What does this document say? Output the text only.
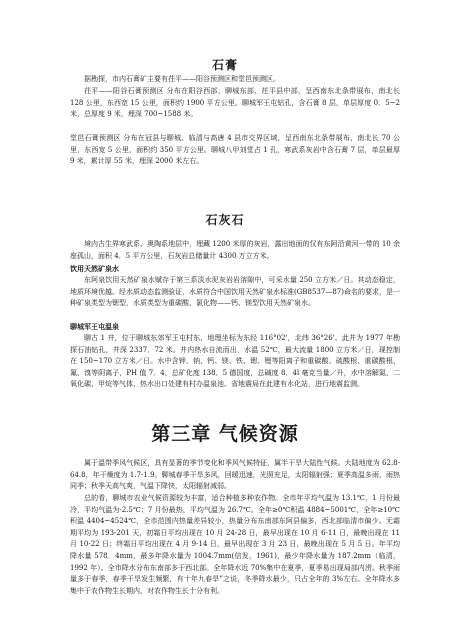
石膏

据勘探，市内石膏矿主要有茌平——阳谷预测区和堂邑预测区。

茌平——阳谷石膏预测区 分布在阳谷西部、聊城东部、茌平县中部，呈西南东北条带展布，南北长 128 公里，东西宽 15 公里，面积约 1900 平方公里。聊城军王屯钻孔，含石膏 8 层，单层厚度 0．5~2 米，总厚度 9 米，埋深 700~1588 米。

堂邑石膏预测区 分布在冠县与聊城、临清与高唐 4 县市交界区域，呈西南东北条带展布，南北长 70 公里，东西宽 5 公里，面积约 350 平方公里。聊城八甲刘堂占 1 孔，寒武系灰岩中含石膏 7 层，单层最厚 9 米，累计厚 55 米，埋深 2000 米左右。

石灰石

境内古生界寒武系、奥陶系地层中，埋藏 1200 米厚的灰岩，露出地面的仅有东阿沿黄河一带的 10 余座孤山，面积 4．5 平方公里，石灰岩总储量计 4300 万立方米。

饮用天然矿泉水

东阿泉饮用天然矿泉水赋存于第三系淡水泥灰岩岩溶隙中，可采水量 250 立方米／日。其动态稳定，地质环境优越。经水质动态监测验证，水质符合中国饮用天然矿泉水标准(GB8537—87)命名的要求，是一种矿泉类型为锶型，水质类型为重碳酸、氯化物——钙、镁型饮用天然矿泉水。

聊城军王屯温泉

聊古 1 井，位于聊城东郊军王屯村东，地理坐标为东经 116°02'，北纬 36°26'。此井为 1977 年勘探石油钻孔，井深 2337．72 米。井内热水自流而出，水温 52℃，最大流量 1800 立方米／日，现控制在 150~170 立方米／日。水中含钾、钠、钙、镁、铁、锶、锂等阳离子和重碳酸、硫酸根、重碳酸根、氟、溴等阴离子，PH 值 7．4，总矿化度 138．5 德国度，总碱度 8．4l 毫克当量／升，水中溶解氮、二氧化碳、甲烷等气体，热水出口处建有村办温泉池。省地震局在此建有水化站，进行地震监测。

第三章 气候资源

属于温带季风气候区，具有显著的季节变化和季风气候特征，属半干旱大陆性气候。大陆地度为 62.8-64.8，年干燥度为 1.7-1.9。聊城春季干旱多风，回暖迅速，光照充足，太阳辐射强；夏季高温多雨，雨热同季；秋季天高气爽，气温下降快，太阳辐射减弱。

总的看，聊城市农业气候资源较为丰富，适合种植多种农作物。全市年平均气温为 13.1℃，1 月份最冷，平均气温为-2.5℃；7 月份最热，平均气温为 26.7℃。全年≥0℃积温 4884~5001℃，全年≥10℃积温 4404~4524℃，全市范围内热量差异较小，热量分布东南部东阿县偏多，西北部临清市偏少。无霜期平均为 193-201 天，初霜日平均出现在 10 月 24-28 日，最早出现在 10 月 6-11 日，最晚出现在 11 月 10-22 日；终霜日平均出现在 4 月 9-14 日，最早出现在 3 月 23 日，最晚出现在 5 月 5 日。年平均降水量 578．4mm，最多年降水量为 1004.7mm(信发，1961)，最少年降水量为 187.2mm（临清，1992 年）。全市降水分布东南部多于西北部。全年降水近 70%集中在夏季，夏季易出现局部内涝。秋季雨量多于春季，春季干旱发生频繁，有十年九春旱”之说，冬季降水最少，只占全年的 3%左右。全年降水多集中于农作物生长期内，对农作物生长十分有利。
